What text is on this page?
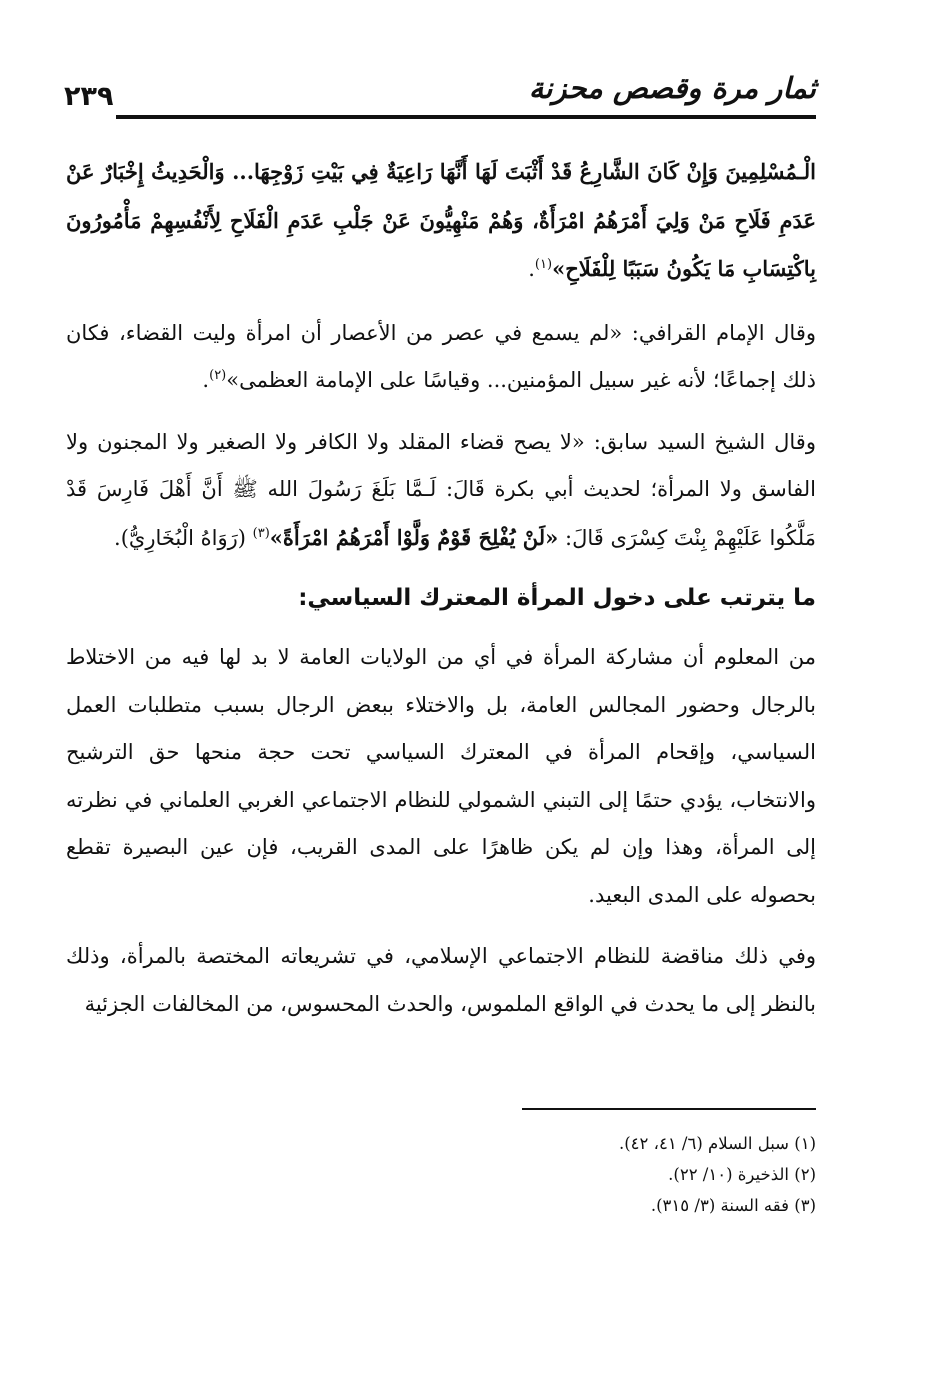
٢٣٩	ثمار مرة وقصص محزنة

الْـمُسْلِمِينَ وَإِنْ كَانَ الشَّارِعُ قَدْ أَثْبَتَ لَهَا أَنَّهَا رَاعِيَةٌ فِي بَيْتِ زَوْجِهَا... وَالْحَدِيثُ إِخْبَارٌ عَنْ عَدَمِ فَلَاحِ مَنْ وَلِيَ أَمْرَهُمُ امْرَأَةٌ، وَهُمْ مَنْهِيُّونَ عَنْ جَلْبِ عَدَمِ الْفَلَاحِ لِأَنْفُسِهِمْ مَأْمُورُونَ بِاكْتِسَابِ مَا يَكُونُ سَبَبًا لِلْفَلَاحِ»$^{(١)}$.

وقال الإمام القرافي: «لم يسمع في عصر من الأعصار أن امرأة وليت القضاء، فكان ذلك إجماعًا؛ لأنه غير سبيل المؤمنين... وقياسًا على الإمامة العظمى»$^{(٢)}$.

وقال الشيخ السيد سابق: «لا يصح قضاء المقلد ولا الكافر ولا الصغير ولا المجنون ولا الفاسق ولا المرأة؛ لحديث أبي بكرة قَالَ: لَـمَّا بَلَغَ رَسُولَ الله ﷺ أَنَّ أَهْلَ فَارِسَ قَدْ مَلَّكُوا عَلَيْهِمْ بِنْتَ كِسْرَى قَالَ: «لَنْ يُفْلِحَ قَوْمٌ وَلَّوْا أَمْرَهُمُ امْرَأَةً»$^{(٣)}$ (رَوَاهُ الْبُخَارِيُّ).

ما يترتب على دخول المرأة المعترك السياسي:

من المعلوم أن مشاركة المرأة في أي من الولايات العامة لا بد لها فيه من الاختلاط بالرجال وحضور المجالس العامة، بل والاختلاء ببعض الرجال بسبب متطلبات العمل السياسي، وإقحام المرأة في المعترك السياسي تحت حجة منحها حق الترشيح والانتخاب، يؤدي حتمًا إلى التبني الشمولي للنظام الاجتماعي الغربي العلماني في نظرته إلى المرأة، وهذا وإن لم يكن ظاهرًا على المدى القريب، فإن عين البصيرة تقطع بحصوله على المدى البعيد.

وفي ذلك مناقضة للنظام الاجتماعي الإسلامي، في تشريعاته المختصة بالمرأة، وذلك بالنظر إلى ما يحدث في الواقع الملموس، والحدث المحسوس، من المخالفات الجزئية

(١) سبل السلام (٦/ ٤١، ٤٢).

(٢) الذخيرة (١٠/ ٢٢).

(٣) فقه السنة (٣/ ٣١٥).
